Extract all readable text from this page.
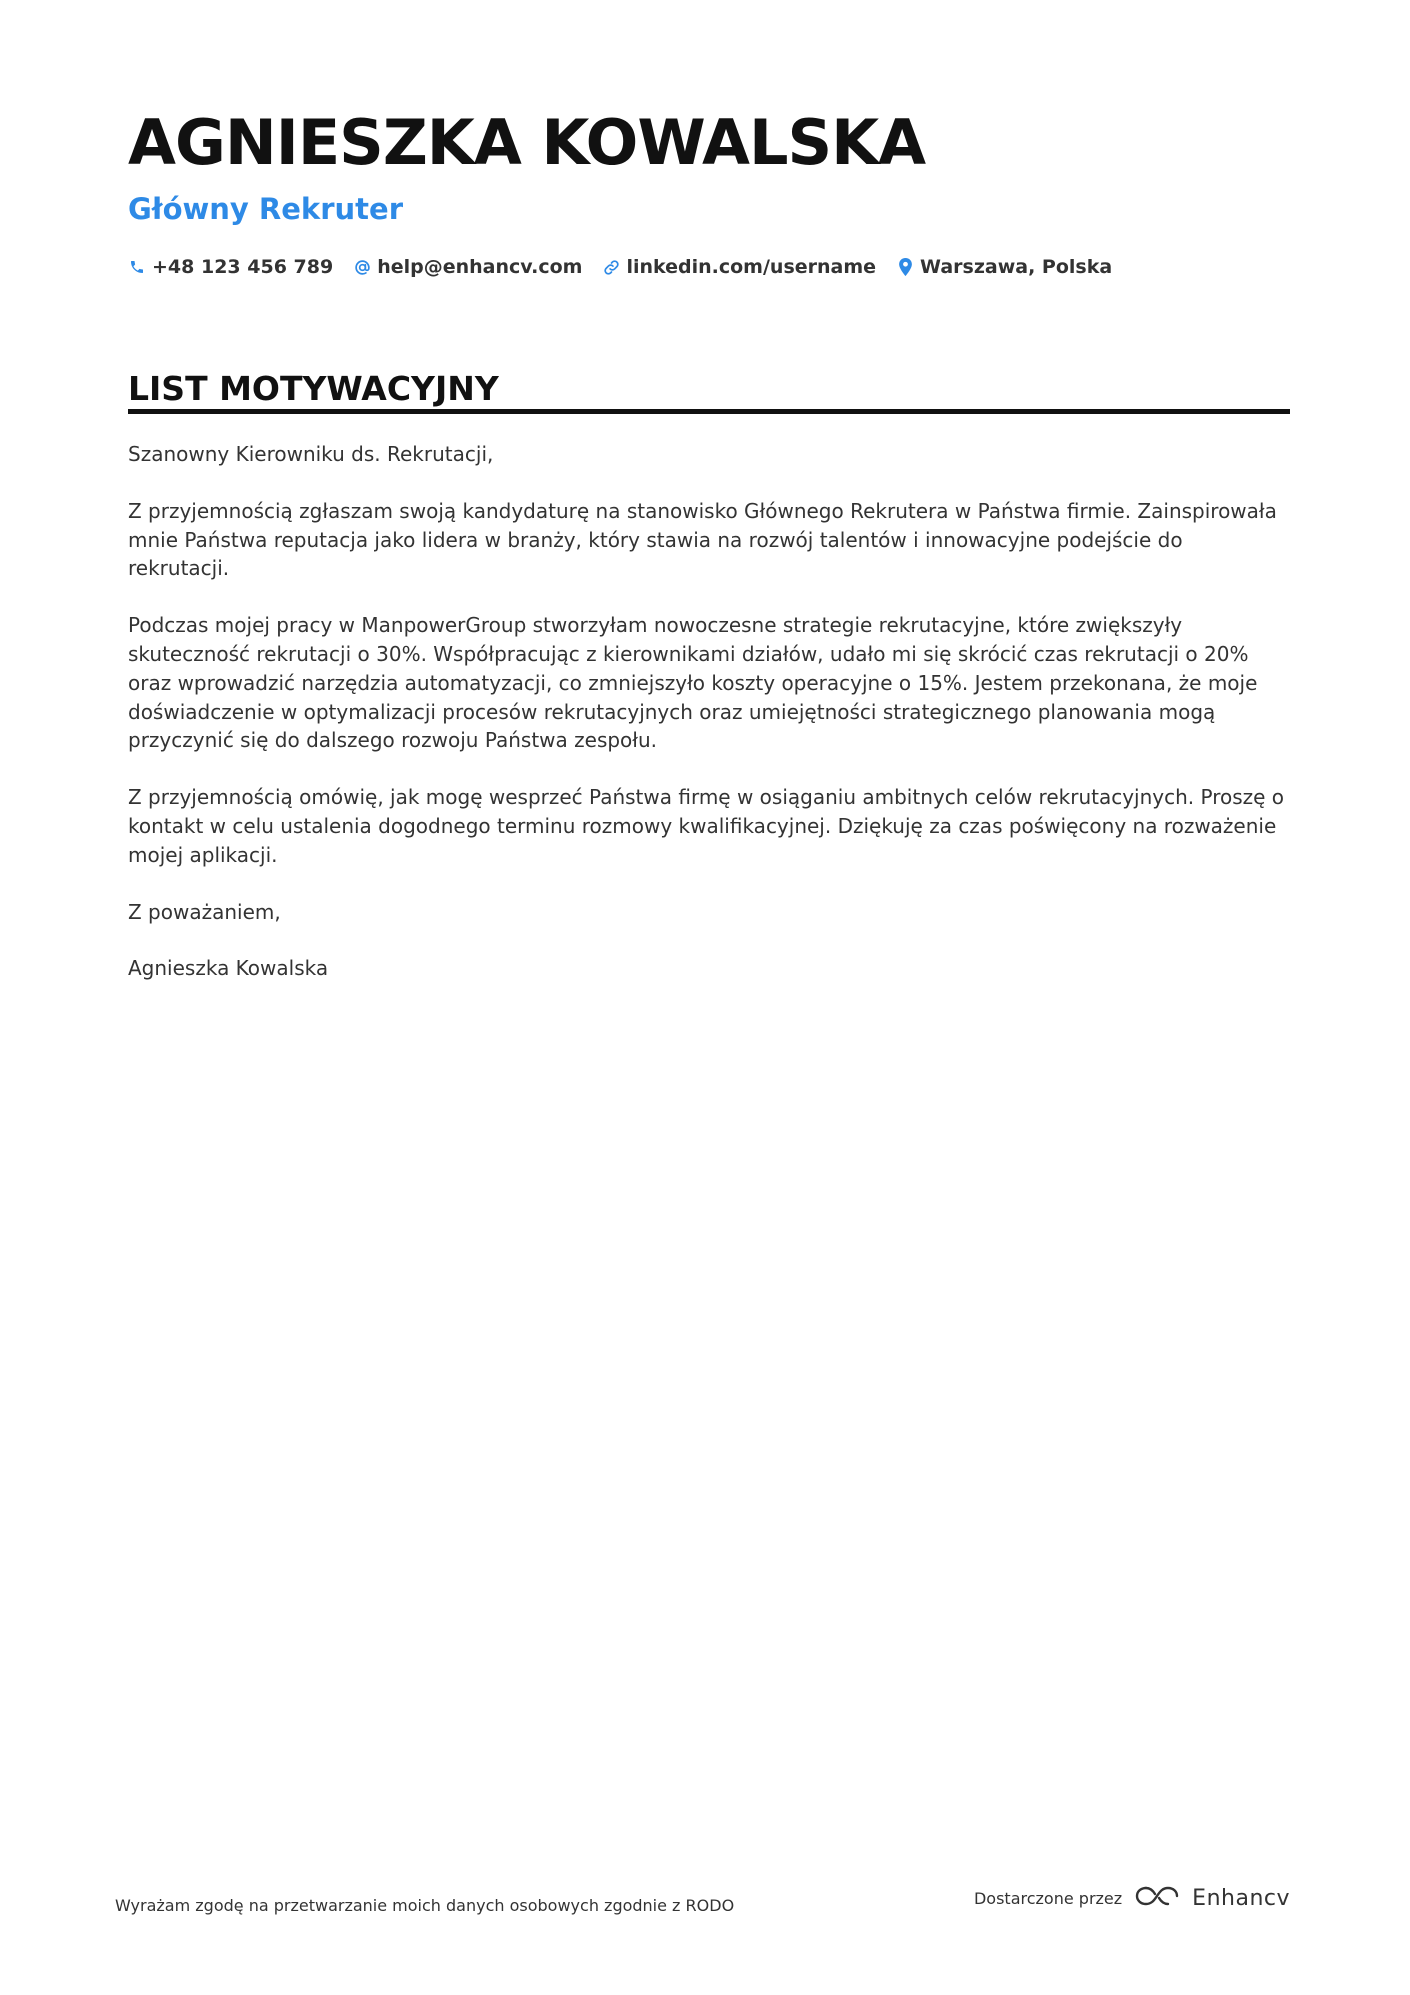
AGNIESZKA KOWALSKA
Główny Rekruter
+48 123 456 789 help@enhancv.com linkedin.com/username Warszawa, Polska
LIST MOTYWACYJNY

Szanowny Kierowniku ds. Rekrutacji,

Z przyjemnością zgłaszam swoją kandydaturę na stanowisko Głównego Rekrutera w Państwa firmie. Zainspirowała mnie Państwa reputacja jako lidera w branży, który stawia na rozwój talentów i innowacyjne podejście do rekrutacji.

Podczas mojej pracy w ManpowerGroup stworzyłam nowoczesne strategie rekrutacyjne, które zwiększyły skuteczność rekrutacji o 30%. Współpracując z kierownikami działów, udało mi się skrócić czas rekrutacji o 20% oraz wprowadzić narzędzia automatyzacji, co zmniejszyło koszty operacyjne o 15%. Jestem przekonana, że moje doświadczenie w optymalizacji procesów rekrutacyjnych oraz umiejętności strategicznego planowania mogą przyczynić się do dalszego rozwoju Państwa zespołu.

Z przyjemnością omówię, jak mogę wesprzeć Państwa firmę w osiąganiu ambitnych celów rekrutacyjnych. Proszę o kontakt w celu ustalenia dogodnego terminu rozmowy kwalifikacyjnej. Dziękuję za czas poświęcony na rozważenie mojej aplikacji.

Z poważaniem,

Agnieszka Kowalska

Wyrażam zgodę na przetwarzanie moich danych osobowych zgodnie z RODO	Dostarczone przez	Enhancv
